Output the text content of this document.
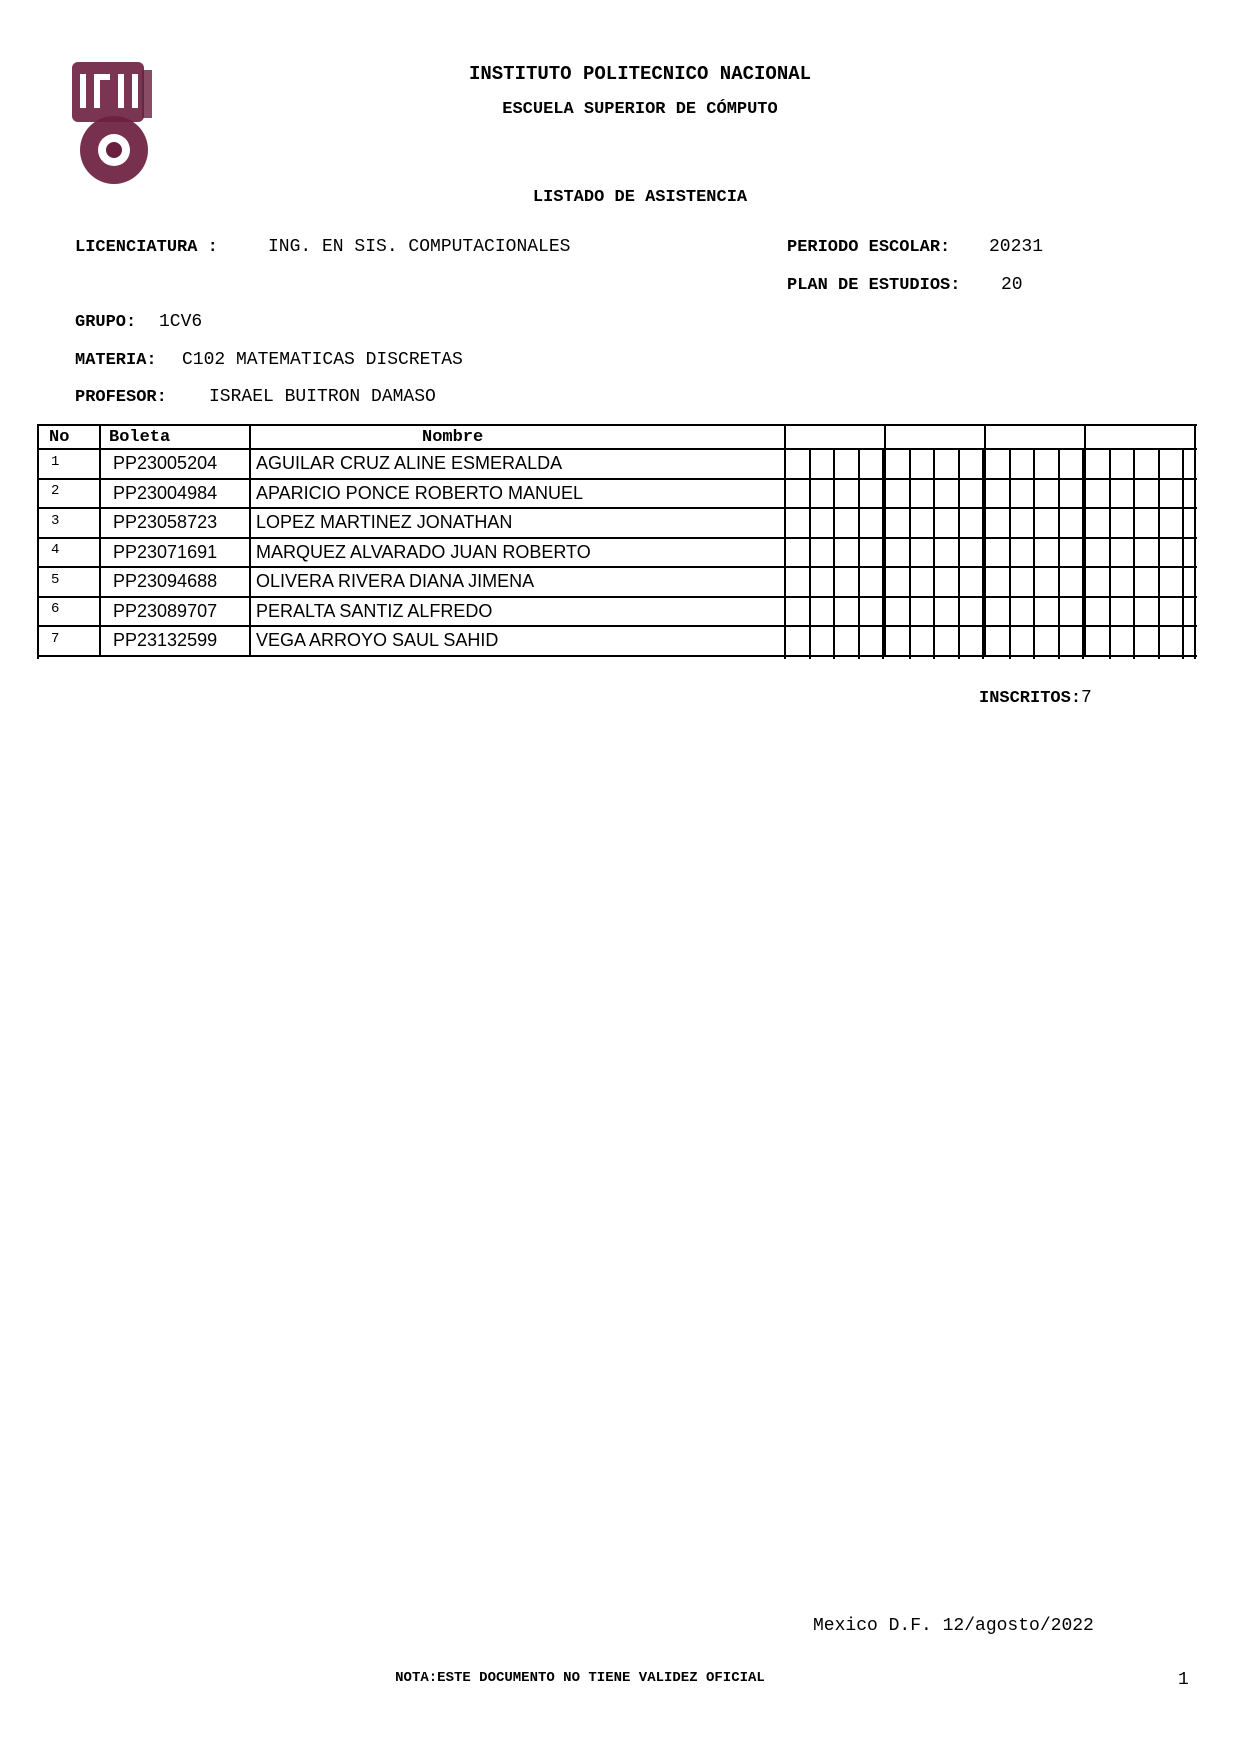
INSTITUTO POLITECNICO NACIONAL
ESCUELA SUPERIOR DE CÓMPUTO
LISTADO DE ASISTENCIA
LICENCIATURA :	ING. EN SIS. COMPUTACIONALES	PERIODO ESCOLAR: 20231
PLAN DE ESTUDIOS: 20
GRUPO: 1CV6
MATERIA: C102 MATEMATICAS DISCRETAS
PROFESOR: ISRAEL BUITRON DAMASO
No Boleta	Nombre
1	PP23005204 AGUILAR CRUZ ALINE ESMERALDA
2	PP23004984 APARICIO PONCE ROBERTO MANUEL
3	PP23058723 LOPEZ MARTINEZ JONATHAN
4	PP23071691 MARQUEZ ALVARADO JUAN ROBERTO
5	PP23094688 OLIVERA RIVERA DIANA JIMENA
6	PP23089707 PERALTA SANTIZ ALFREDO
7	PP23132599 VEGA ARROYO SAUL SAHID
INSCRITOS:7
Mexico D.F. 12/agosto/2022
NOTA:ESTE DOCUMENTO NO TIENE VALIDEZ OFICIAL	1
